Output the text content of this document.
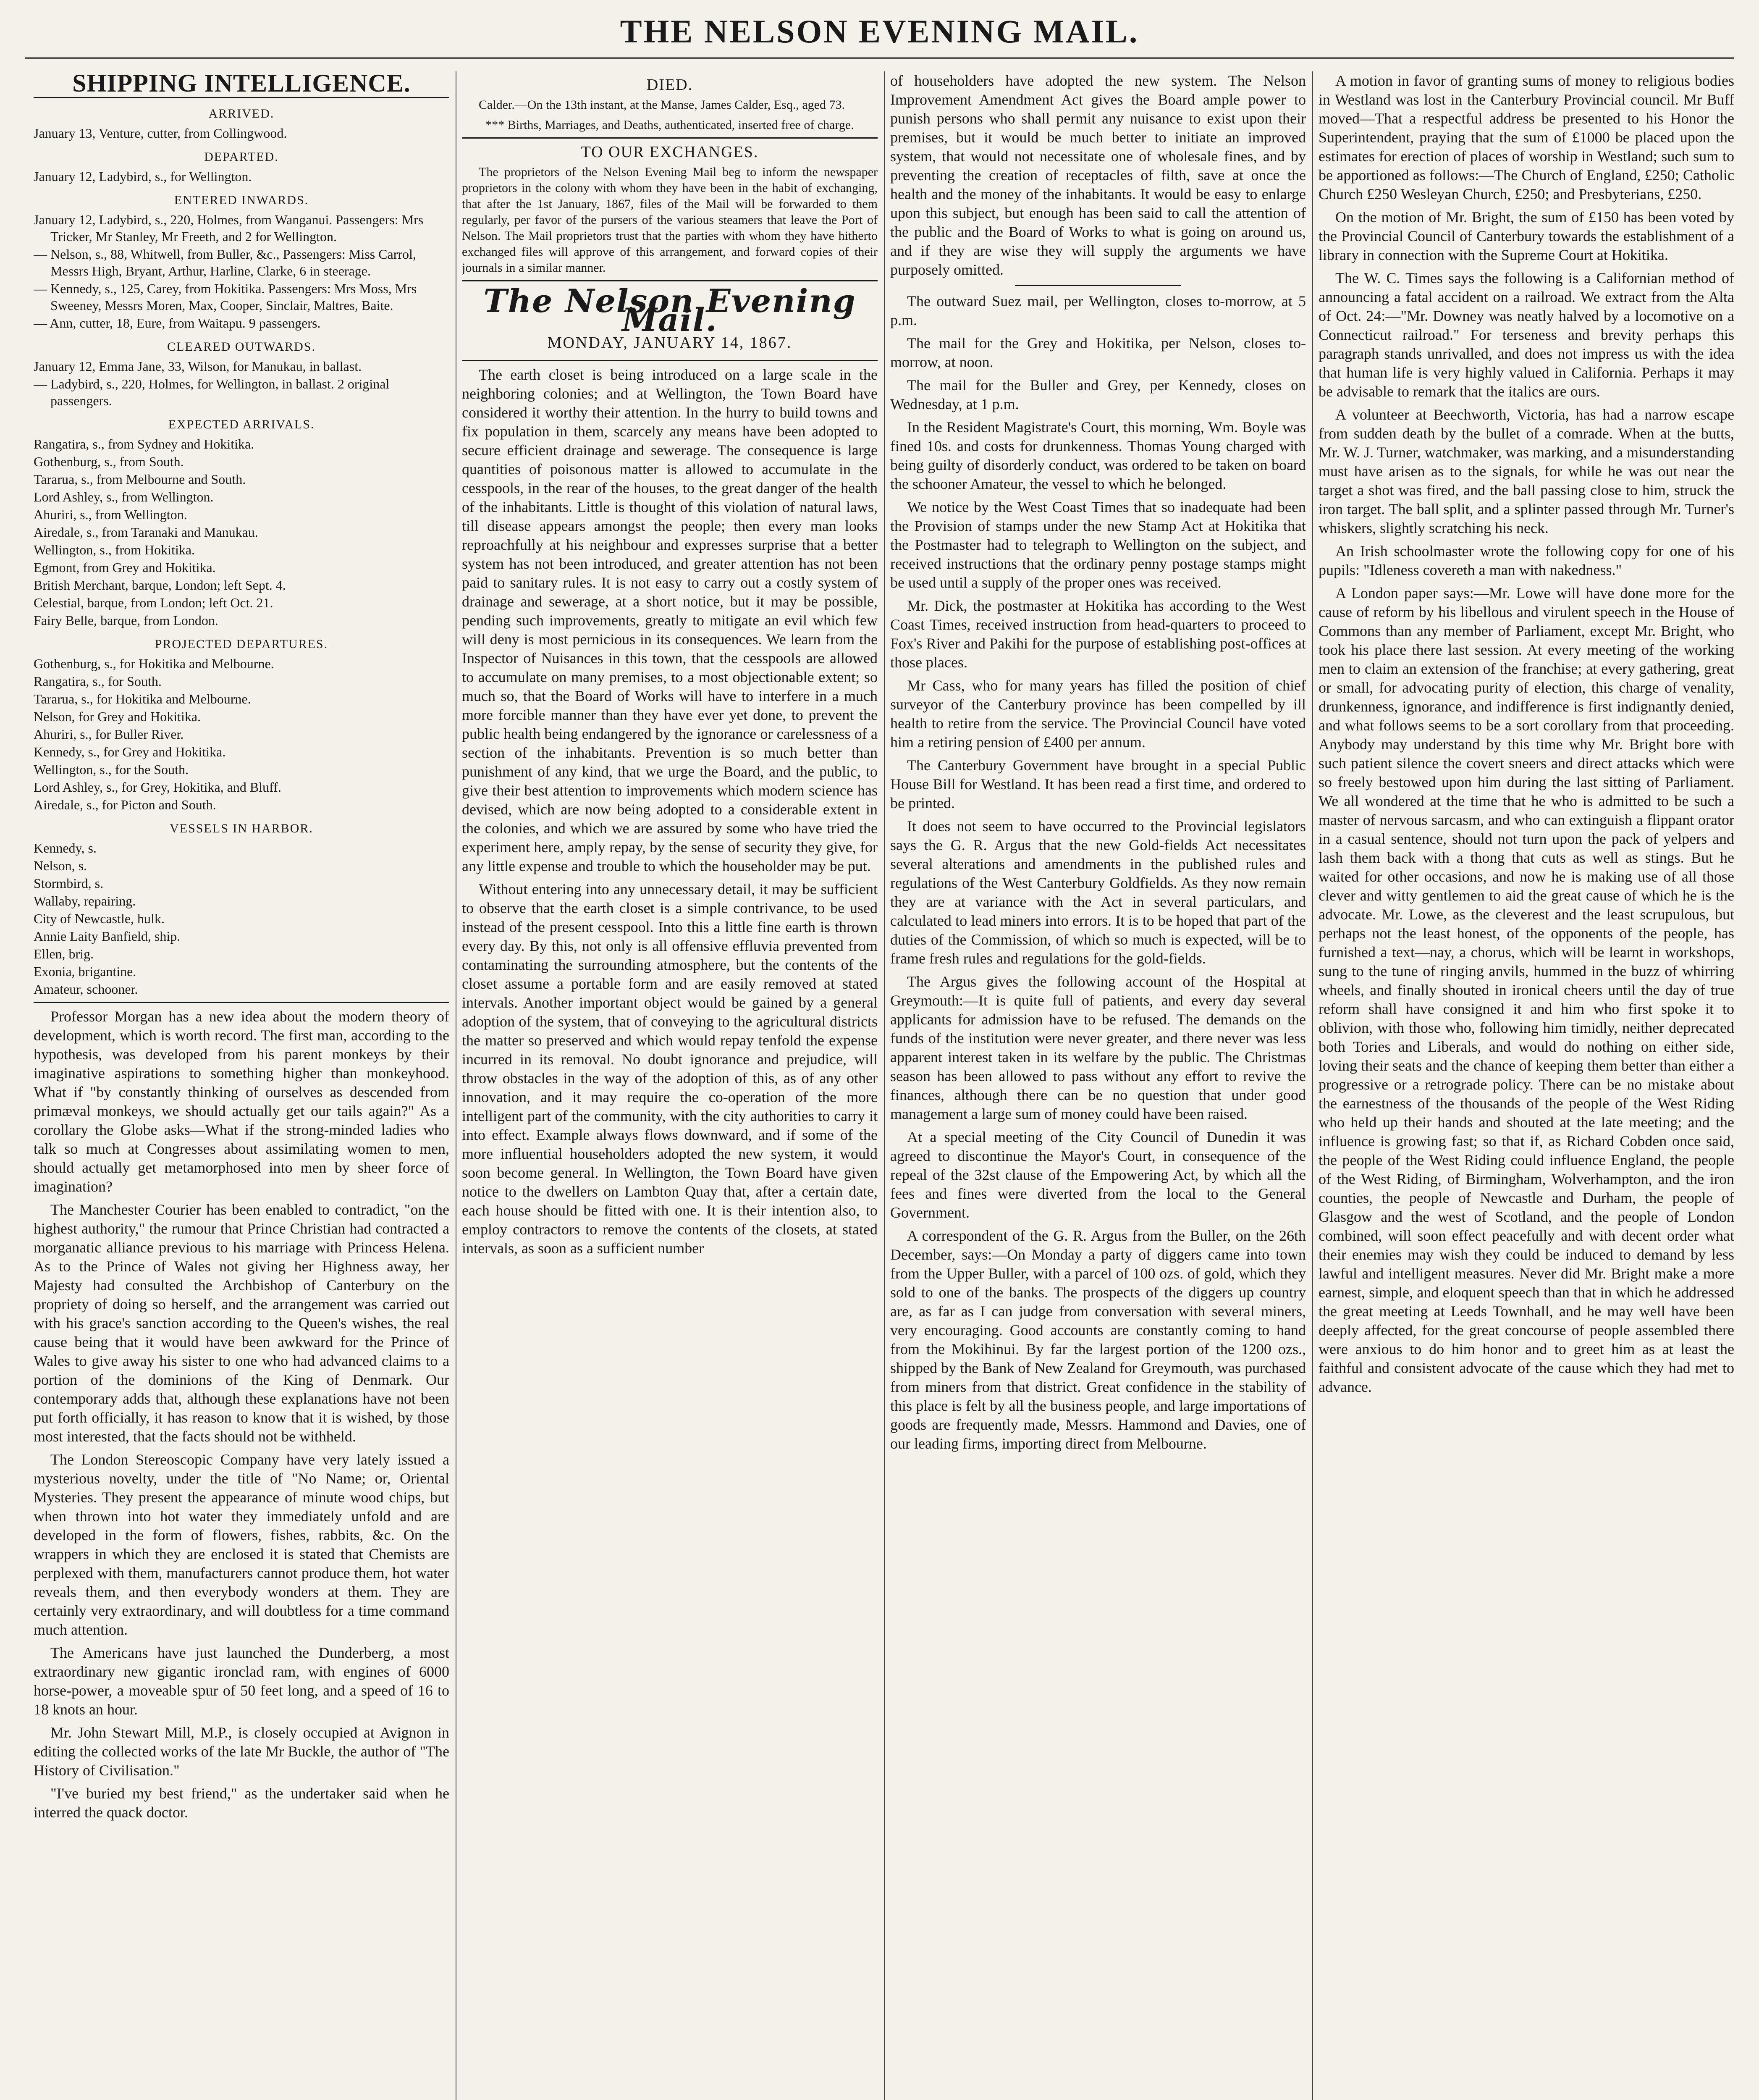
THE NELSON EVENING MAIL.
SHIPPING INTELLIGENCE.
ARRIVED.
January 13, Venture, cutter, from Collingwood.
DEPARTED.
January 12, Ladybird, s., for Wellington.
ENTERED INWARDS.
January 12, Ladybird, s., 220, Holmes, from Wanganui. Passengers: Mrs Tricker, Mr Stanley, Mr Freeth, and 2 for Wellington.
— Nelson, s., 88, Whitwell, from Buller, &c., Passengers: Miss Carrol, Messrs High, Bryant, Arthur, Harline, Clarke, 6 in steerage.
— Kennedy, s., 125, Carey, from Hokitika. Passengers: Mrs Moss, Mrs Sweeney, Messrs Moren, Max, Cooper, Sinclair, Maltres, Baite.
— Ann, cutter, 18, Eure, from Waitapu. 9 passengers.
CLEARED OUTWARDS.
January 12, Emma Jane, 33, Wilson, for Manukau, in ballast.
— Ladybird, s., 220, Holmes, for Wellington, in ballast. 2 original passengers.
EXPECTED ARRIVALS.
Rangatira, s., from Sydney and Hokitika.
Gothenburg, s., from South.
Tararua, s., from Melbourne and South.
Lord Ashley, s., from Wellington.
Ahuriri, s., from Wellington.
Airedale, s., from Taranaki and Manukau.
Wellington, s., from Hokitika.
Egmont, from Grey and Hokitika.
British Merchant, barque, London; left Sept. 4.
Celestial, barque, from London; left Oct. 21.
Fairy Belle, barque, from London.
PROJECTED DEPARTURES.
Gothenburg, s., for Hokitika and Melbourne.
Rangatira, s., for South.
Tararua, s., for Hokitika and Melbourne.
Nelson, for Grey and Hokitika.
Ahuriri, s., for Buller River.
Kennedy, s., for Grey and Hokitika.
Wellington, s., for the South.
Lord Ashley, s., for Grey, Hokitika, and Bluff.
Airedale, s., for Picton and South.
VESSELS IN HARBOR.
Kennedy, s.
Nelson, s.
Stormbird, s.
Wallaby, repairing.
City of Newcastle, hulk.
Annie Laity Banfield, ship.
Ellen, brig.
Exonia, brigantine.
Amateur, schooner.

Professor Morgan has a new idea about the modern theory of development, which is worth record. The first man, according to the hypothesis, was developed from his parent monkeys by their imaginative aspirations to something higher than monkeyhood. What if "by constantly thinking of ourselves as descended from primæval monkeys, we should actually get our tails again?" As a corollary the Globe asks—What if the strong-minded ladies who talk so much at Congresses about assimilating women to men, should actually get metamorphosed into men by sheer force of imagination?

The Manchester Courier has been enabled to contradict, "on the highest authority," the rumour that Prince Christian had contracted a morganatic alliance previous to his marriage with Princess Helena. As to the Prince of Wales not giving her Highness away, her Majesty had consulted the Archbishop of Canterbury on the propriety of doing so herself, and the arrangement was carried out with his grace's sanction according to the Queen's wishes, the real cause being that it would have been awkward for the Prince of Wales to give away his sister to one who had advanced claims to a portion of the dominions of the King of Denmark. Our contemporary adds that, although these explanations have not been put forth officially, it has reason to know that it is wished, by those most interested, that the facts should not be withheld.

The London Stereoscopic Company have very lately issued a mysterious novelty, under the title of "No Name; or, Oriental Mysteries. They present the appearance of minute wood chips, but when thrown into hot water they immediately unfold and are developed in the form of flowers, fishes, rabbits, &c. On the wrappers in which they are enclosed it is stated that Chemists are perplexed with them, manufacturers cannot produce them, hot water reveals them, and then everybody wonders at them. They are certainly very extraordinary, and will doubtless for a time command much attention.

The Americans have just launched the Dunderberg, a most extraordinary new gigantic ironclad ram, with engines of 6000 horse-power, a moveable spur of 50 feet long, and a speed of 16 to 18 knots an hour.

Mr. John Stewart Mill, M.P., is closely occupied at Avignon in editing the collected works of the late Mr Buckle, the author of "The History of Civilisation."

"I've buried my best friend," as the undertaker said when he interred the quack doctor.

DIED.

Calder.—On the 13th instant, at the Manse, James Calder, Esq., aged 73.

*** Births, Marriages, and Deaths, authenticated, inserted free of charge.

TO OUR EXCHANGES.

The proprietors of the Nelson Evening Mail beg to inform the newspaper proprietors in the colony with whom they have been in the habit of exchanging, that after the 1st January, 1867, files of the Mail will be forwarded to them regularly, per favor of the pursers of the various steamers that leave the Port of Nelson. The Mail proprietors trust that the parties with whom they have hitherto exchanged files will approve of this arrangement, and forward copies of their journals in a similar manner.

The Nelson Evening Mail.
MONDAY, JANUARY 14, 1867.

The earth closet is being introduced on a large scale in the neighboring colonies; and at Wellington, the Town Board have considered it worthy their attention. In the hurry to build towns and fix population in them, scarcely any means have been adopted to secure efficient drainage and sewerage. The consequence is large quantities of poisonous matter is allowed to accumulate in the cesspools, in the rear of the houses, to the great danger of the health of the inhabitants. Little is thought of this violation of natural laws, till disease appears amongst the people; then every man looks reproachfully at his neighbour and expresses surprise that a better system has not been introduced, and greater attention has not been paid to sanitary rules. It is not easy to carry out a costly system of drainage and sewerage, at a short notice, but it may be possible, pending such improvements, greatly to mitigate an evil which few will deny is most pernicious in its consequences. We learn from the Inspector of Nuisances in this town, that the cesspools are allowed to accumulate on many premises, to a most objectionable extent; so much so, that the Board of Works will have to interfere in a much more forcible manner than they have ever yet done, to prevent the public health being endangered by the ignorance or carelessness of a section of the inhabitants. Prevention is so much better than punishment of any kind, that we urge the Board, and the public, to give their best attention to improvements which modern science has devised, which are now being adopted to a considerable extent in the colonies, and which we are assured by some who have tried the experiment here, amply repay, by the sense of security they give, for any little expense and trouble to which the householder may be put.

Without entering into any unnecessary detail, it may be sufficient to observe that the earth closet is a simple contrivance, to be used instead of the present cesspool. Into this a little fine earth is thrown every day. By this, not only is all offensive effluvia prevented from contaminating the surrounding atmosphere, but the contents of the closet assume a portable form and are easily removed at stated intervals. Another important object would be gained by a general adoption of the system, that of conveying to the agricultural districts the matter so preserved and which would repay tenfold the expense incurred in its removal. No doubt ignorance and prejudice, will throw obstacles in the way of the adoption of this, as of any other innovation, and it may require the co-operation of the more intelligent part of the community, with the city authorities to carry it into effect. Example always flows downward, and if some of the more influential householders adopted the new system, it would soon become general. In Wellington, the Town Board have given notice to the dwellers on Lambton Quay that, after a certain date, each house should be fitted with one. It is their intention also, to employ contractors to remove the contents of the closets, at stated intervals, as soon as a sufficient number

of householders have adopted the new system. The Nelson Improvement Amendment Act gives the Board ample power to punish persons who shall permit any nuisance to exist upon their premises, but it would be much better to initiate an improved system, that would not necessitate one of wholesale fines, and by preventing the creation of receptacles of filth, save at once the health and the money of the inhabitants. It would be easy to enlarge upon this subject, but enough has been said to call the attention of the public and the Board of Works to what is going on around us, and if they are wise they will supply the arguments we have purposely omitted.

The outward Suez mail, per Wellington, closes to-morrow, at 5 p.m.

The mail for the Grey and Hokitika, per Nelson, closes to-morrow, at noon.

The mail for the Buller and Grey, per Kennedy, closes on Wednesday, at 1 p.m.

In the Resident Magistrate's Court, this morning, Wm. Boyle was fined 10s. and costs for drunkenness. Thomas Young charged with being guilty of disorderly conduct, was ordered to be taken on board the schooner Amateur, the vessel to which he belonged.

We notice by the West Coast Times that so inadequate had been the Provision of stamps under the new Stamp Act at Hokitika that the Postmaster had to telegraph to Wellington on the subject, and received instructions that the ordinary penny postage stamps might be used until a supply of the proper ones was received.

Mr. Dick, the postmaster at Hokitika has according to the West Coast Times, received instruction from head-quarters to proceed to Fox's River and Pakihi for the purpose of establishing post-offices at those places.

Mr Cass, who for many years has filled the position of chief surveyor of the Canterbury province has been compelled by ill health to retire from the service. The Provincial Council have voted him a retiring pension of £400 per annum.

The Canterbury Government have brought in a special Public House Bill for Westland. It has been read a first time, and ordered to be printed.

It does not seem to have occurred to the Provincial legislators says the G. R. Argus that the new Gold-fields Act necessitates several alterations and amendments in the published rules and regulations of the West Canterbury Goldfields. As they now remain they are at variance with the Act in several particulars, and calculated to lead miners into errors. It is to be hoped that part of the duties of the Commission, of which so much is expected, will be to frame fresh rules and regulations for the gold-fields.

The Argus gives the following account of the Hospital at Greymouth:—It is quite full of patients, and every day several applicants for admission have to be refused. The demands on the funds of the institution were never greater, and there never was less apparent interest taken in its welfare by the public. The Christmas season has been allowed to pass without any effort to revive the finances, although there can be no question that under good management a large sum of money could have been raised.

At a special meeting of the City Council of Dunedin it was agreed to discontinue the Mayor's Court, in consequence of the repeal of the 32st clause of the Empowering Act, by which all the fees and fines were diverted from the local to the General Government.

A correspondent of the G. R. Argus from the Buller, on the 26th December, says:—On Monday a party of diggers came into town from the Upper Buller, with a parcel of 100 ozs. of gold, which they sold to one of the banks. The prospects of the diggers up country are, as far as I can judge from conversation with several miners, very encouraging. Good accounts are constantly coming to hand from the Mokihinui. By far the largest portion of the 1200 ozs., shipped by the Bank of New Zealand for Greymouth, was purchased from miners from that district. Great confidence in the stability of this place is felt by all the business people, and large importations of goods are frequently made, Messrs. Hammond and Davies, one of our leading firms, importing direct from Melbourne.

A motion in favor of granting sums of money to religious bodies in Westland was lost in the Canterbury Provincial council. Mr Buff moved—That a respectful address be presented to his Honor the Superintendent, praying that the sum of £1000 be placed upon the estimates for erection of places of worship in Westland; such sum to be apportioned as follows:—The Church of England, £250; Catholic Church £250 Wesleyan Church, £250; and Presbyterians, £250.

On the motion of Mr. Bright, the sum of £150 has been voted by the Provincial Council of Canterbury towards the establishment of a library in connection with the Supreme Court at Hokitika.

The W. C. Times says the following is a Californian method of announcing a fatal accident on a railroad. We extract from the Alta of Oct. 24:—"Mr. Downey was neatly halved by a locomotive on a Connecticut railroad." For terseness and brevity perhaps this paragraph stands unrivalled, and does not impress us with the idea that human life is very highly valued in California. Perhaps it may be advisable to remark that the italics are ours.

A volunteer at Beechworth, Victoria, has had a narrow escape from sudden death by the bullet of a comrade. When at the butts, Mr. W. J. Turner, watchmaker, was marking, and a misunderstanding must have arisen as to the signals, for while he was out near the target a shot was fired, and the ball passing close to him, struck the iron target. The ball split, and a splinter passed through Mr. Turner's whiskers, slightly scratching his neck.

An Irish schoolmaster wrote the following copy for one of his pupils: "Idleness covereth a man with nakedness."

A London paper says:—Mr. Lowe will have done more for the cause of reform by his libellous and virulent speech in the House of Commons than any member of Parliament, except Mr. Bright, who took his place there last session. At every meeting of the working men to claim an extension of the franchise; at every gathering, great or small, for advocating purity of election, this charge of venality, drunkenness, ignorance, and indifference is first indignantly denied, and what follows seems to be a sort corollary from that proceeding. Anybody may understand by this time why Mr. Bright bore with such patient silence the covert sneers and direct attacks which were so freely bestowed upon him during the last sitting of Parliament. We all wondered at the time that he who is admitted to be such a master of nervous sarcasm, and who can extinguish a flippant orator in a casual sentence, should not turn upon the pack of yelpers and lash them back with a thong that cuts as well as stings. But he waited for other occasions, and now he is making use of all those clever and witty gentlemen to aid the great cause of which he is the advocate. Mr. Lowe, as the cleverest and the least scrupulous, but perhaps not the least honest, of the opponents of the people, has furnished a text—nay, a chorus, which will be learnt in workshops, sung to the tune of ringing anvils, hummed in the buzz of whirring wheels, and finally shouted in ironical cheers until the day of true reform shall have consigned it and him who first spoke it to oblivion, with those who, following him timidly, neither deprecated both Tories and Liberals, and would do nothing on either side, loving their seats and the chance of keeping them better than either a progressive or a retrograde policy. There can be no mistake about the earnestness of the thousands of the people of the West Riding who held up their hands and shouted at the late meeting; and the influence is growing fast; so that if, as Richard Cobden once said, the people of the West Riding could influence England, the people of the West Riding, of Birmingham, Wolverhampton, and the iron counties, the people of Newcastle and Durham, the people of Glasgow and the west of Scotland, and the people of London combined, will soon effect peacefully and with decent order what their enemies may wish they could be induced to demand by less lawful and intelligent measures. Never did Mr. Bright make a more earnest, simple, and eloquent speech than that in which he addressed the great meeting at Leeds Townhall, and he may well have been deeply affected, for the great concourse of people assembled there were anxious to do him honor and to greet him as at least the faithful and consistent advocate of the cause which they had met to advance.
